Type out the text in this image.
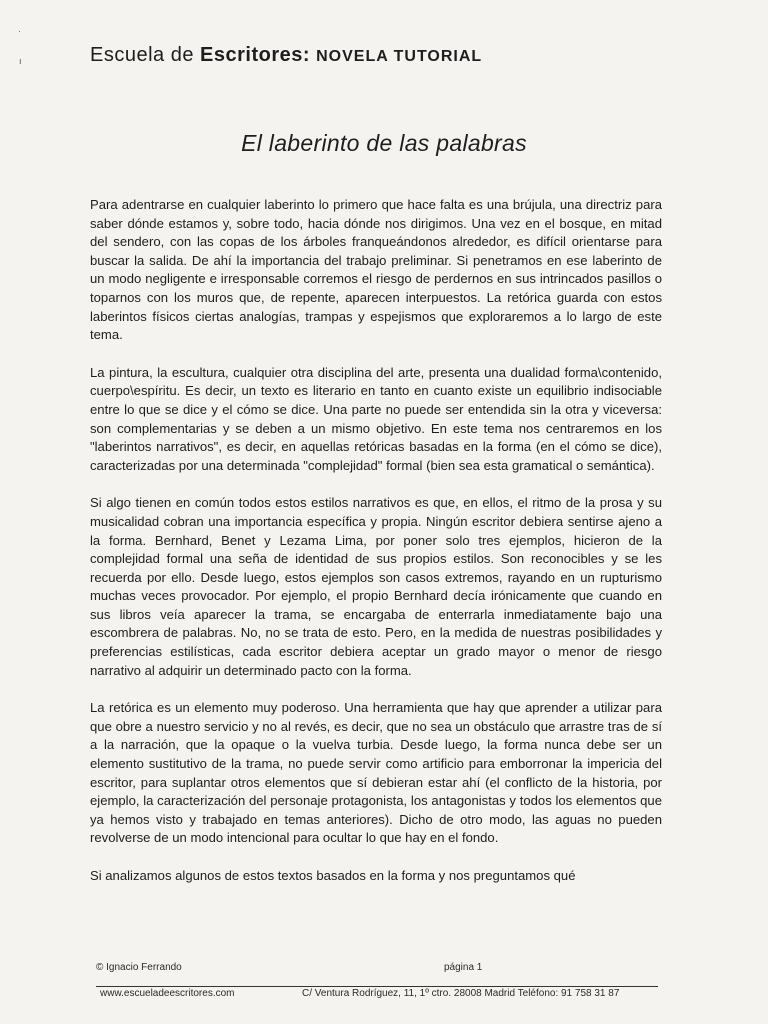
·
ı	Escuela de Escritores: NOVELA TUTORIAL
El laberinto de las palabras

Para adentrarse en cualquier laberinto lo primero que hace falta es una brújula, una directriz para saber dónde estamos y, sobre todo, hacia dónde nos dirigimos. Una vez en el bosque, en mitad del sendero, con las copas de los árboles franqueándonos alrededor, es difícil orientarse para buscar la salida. De ahí la importancia del trabajo preliminar. Si penetramos en ese laberinto de un modo negligente e irresponsable corremos el riesgo de perdernos en sus intrincados pasillos o toparnos con los muros que, de repente, aparecen interpuestos. La retórica guarda con estos laberintos físicos ciertas analogías, trampas y espejismos que exploraremos a lo largo de este tema.

La pintura, la escultura, cualquier otra disciplina del arte, presenta una dualidad forma\contenido, cuerpo\espíritu. Es decir, un texto es literario en tanto en cuanto existe un equilibrio indisociable entre lo que se dice y el cómo se dice. Una parte no puede ser entendida sin la otra y viceversa: son complementarias y se deben a un mismo objetivo. En este tema nos centraremos en los "laberintos narrativos", es decir, en aquellas retóricas basadas en la forma (en el cómo se dice), caracterizadas por una determinada "complejidad" formal (bien sea esta gramatical o semántica).

Si algo tienen en común todos estos estilos narrativos es que, en ellos, el ritmo de la prosa y su musicalidad cobran una importancia específica y propia. Ningún escritor debiera sentirse ajeno a la forma. Bernhard, Benet y Lezama Lima, por poner solo tres ejemplos, hicieron de la complejidad formal una seña de identidad de sus propios estilos. Son reconocibles y se les recuerda por ello. Desde luego, estos ejemplos son casos extremos, rayando en un rupturismo muchas veces provocador. Por ejemplo, el propio Bernhard decía irónicamente que cuando en sus libros veía aparecer la trama, se encargaba de enterrarla inmediatamente bajo una escombrera de palabras. No, no se trata de esto. Pero, en la medida de nuestras posibilidades y preferencias estilísticas, cada escritor debiera aceptar un grado mayor o menor de riesgo narrativo al adquirir un determinado pacto con la forma.

La retórica es un elemento muy poderoso. Una herramienta que hay que aprender a utilizar para que obre a nuestro servicio y no al revés, es decir, que no sea un obstáculo que arrastre tras de sí a la narración, que la opaque o la vuelva turbia. Desde luego, la forma nunca debe ser un elemento sustitutivo de la trama, no puede servir como artificio para emborronar la impericia del escritor, para suplantar otros elementos que sí debieran estar ahí (el conflicto de la historia, por ejemplo, la caracterización del personaje protagonista, los antagonistas y todos los elementos que ya hemos visto y trabajado en temas anteriores). Dicho de otro modo, las aguas no pueden revolverse de un modo intencional para ocultar lo que hay en el fondo.

Si analizamos algunos de estos textos basados en la forma y nos preguntamos qué

© Ignacio Ferrando	página 1
www.escueladeescritores.com	C/ Ventura Rodríguez, 11, 1º ctro. 28008 Madrid Teléfono: 91 758 31 87
